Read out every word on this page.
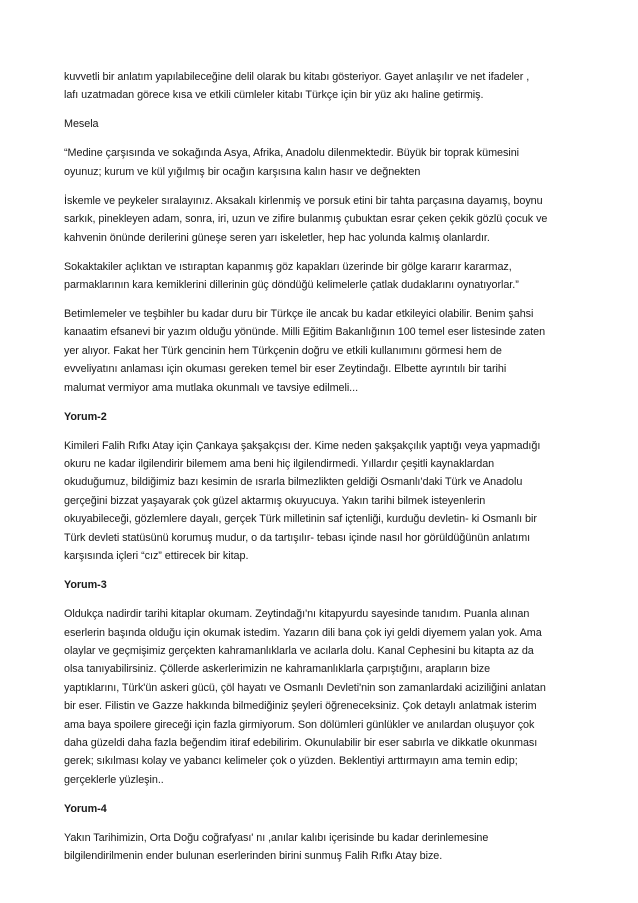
kuvvetli bir anlatım yapılabileceğine delil olarak bu kitabı gösteriyor. Gayet anlaşılır ve net ifadeler ,
lafı uzatmadan görece kısa ve etkili cümleler kitabı Türkçe için bir yüz akı haline getirmiş.

Mesela

“Medine çarşısında ve sokağında Asya, Afrika, Anadolu dilenmektedir. Büyük bir toprak kümesini
oyunuz; kurum ve kül yığılmış bir ocağın karşısına kalın hasır ve değnekten

İskemle ve peykeler sıralayınız. Aksakalı kirlenmiş ve porsuk etini bir tahta parçasına dayamış, boynu
sarkık, pinekleyen adam, sonra, iri, uzun ve zifire bulanmış çubuktan esrar çeken çekik gözlü çocuk ve
kahvenin önünde derilerini güneşe seren yarı iskeletler, hep hac yolunda kalmış olanlardır.

Sokaktakiler açlıktan ve ıstıraptan kapanmış göz kapakları üzerinde bir gölge kararır kararmaz,
parmaklarının kara kemiklerini dillerinin güç döndüğü kelimelerle çatlak dudaklarını oynatıyorlar.”

Betimlemeler ve teşbihler bu kadar duru bir Türkçe ile ancak bu kadar etkileyici olabilir. Benim şahsi
kanaatim efsanevi bir yazım olduğu yönünde. Milli Eğitim Bakanlığının 100 temel eser listesinde zaten
yer alıyor. Fakat her Türk gencinin hem Türkçenin doğru ve etkili kullanımını görmesi hem de
evveliyatını anlaması için okuması gereken temel bir eser Zeytindağı. Elbette ayrıntılı bir tarihi
malumat vermiyor ama mutlaka okunmalı ve tavsiye edilmeli...

Yorum-2

Kimileri Falih Rıfkı Atay için Çankaya şakşakçısı der. Kime neden şakşakçılık yaptığı veya yapmadığı
okuru ne kadar ilgilendirir bilemem ama beni hiç ilgilendirmedi. Yıllardır çeşitli kaynaklardan
okuduğumuz, bildiğimiz bazı kesimin de ısrarla bilmezlikten geldiği Osmanlı’daki Türk ve Anadolu
gerçeğini bizzat yaşayarak çok güzel aktarmış okuyucuya. Yakın tarihi bilmek isteyenlerin
okuyabileceği, gözlemlere dayalı, gerçek Türk milletinin saf içtenliği, kurduğu devletin- ki Osmanlı bir
Türk devleti statüsünü korumuş mudur, o da tartışılır- tebası içinde nasıl hor görüldüğünün anlatımı
karşısında içleri “cız” ettirecek bir kitap.

Yorum-3

Oldukça nadirdir tarihi kitaplar okumam. Zeytindağı'nı kitapyurdu sayesinde tanıdım. Puanla alınan
eserlerin başında olduğu için okumak istedim. Yazarın dili bana çok iyi geldi diyemem yalan yok. Ama
olaylar ve geçmişimiz gerçekten kahramanlıklarla ve acılarla dolu. Kanal Cephesini bu kitapta az da
olsa tanıyabilirsiniz. Çöllerde askerlerimizin ne kahramanlıklarla çarpıştığını, arapların bize
yaptıklarını, Türk'ün askeri gücü, çöl hayatı ve Osmanlı Devleti'nin son zamanlardaki aciziliğini anlatan
bir eser. Filistin ve Gazze hakkında bilmediğiniz şeyleri öğreneceksiniz. Çok detaylı anlatmak isterim
ama baya spoilere gireceği için fazla girmiyorum. Son dölümleri günlükler ve anılardan oluşuyor çok
daha güzeldi daha fazla beğendim itiraf edebilirim. Okunulabilir bir eser sabırla ve dikkatle okunması
gerek; sıkılması kolay ve yabancı kelimeler çok o yüzden. Beklentiyi arttırmayın ama temin edip;
gerçeklerle yüzleşin..

Yorum-4

Yakın Tarihimizin, Orta Doğu coğrafyası' nı ,anılar kalıbı içerisinde bu kadar derinlemesine
bilgilendirilmenin ender bulunan eserlerinden birini sunmuş Falih Rıfkı Atay bize.
